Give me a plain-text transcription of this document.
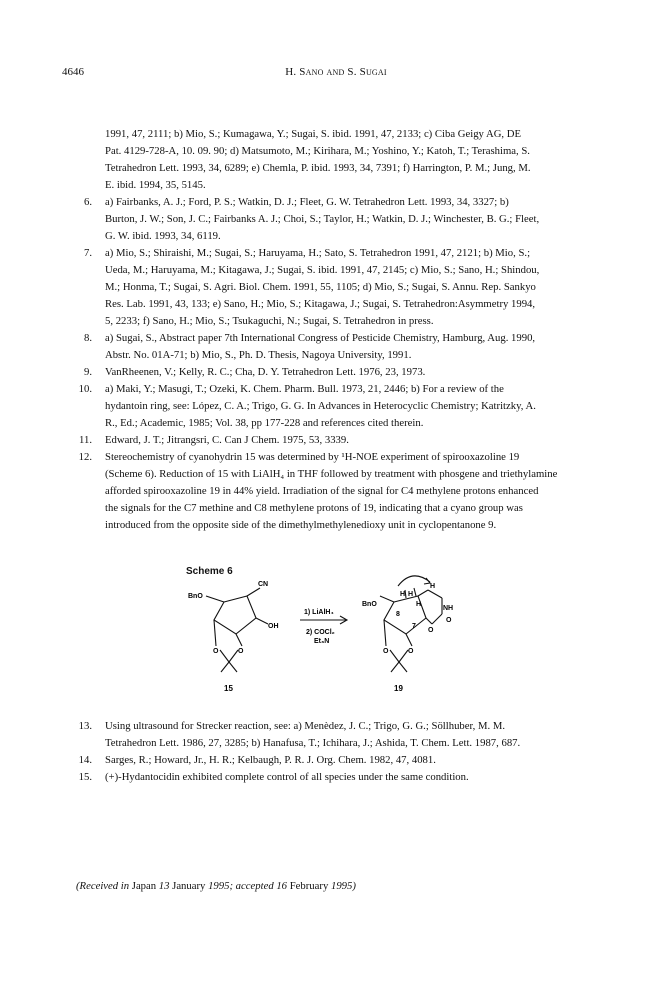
4646	H. Sano and S. Sugai
1991, 47, 2111; b) Mio, S.; Kumagawa, Y.; Sugai, S. ibid. 1991, 47, 2133; c) Ciba Geigy AG, DE
Pat. 4129-728-A, 10. 09. 90; d) Matsumoto, M.; Kirihara, M.; Yoshino, Y.; Katoh, T.; Terashima, S.
Tetrahedron Lett. 1993, 34, 6289; e) Chemla, P. ibid. 1993, 34, 7391; f) Harrington, P. M.; Jung, M.
E. ibid. 1994, 35, 5145.
6. a) Fairbanks, A. J.; Ford, P. S.; Watkin, D. J.; Fleet, G. W. Tetrahedron Lett. 1993, 34, 3327; b)
Burton, J. W.; Son, J. C.; Fairbanks A. J.; Choi, S.; Taylor, H.; Watkin, D. J.; Winchester, B. G.; Fleet,
G. W. ibid. 1993, 34, 6119.
7. a) Mio, S.; Shiraishi, M.; Sugai, S.; Haruyama, H.; Sato, S. Tetrahedron 1991, 47, 2121; b) Mio, S.;
Ueda, M.; Haruyama, M.; Kitagawa, J.; Sugai, S. ibid. 1991, 47, 2145; c) Mio, S.; Sano, H.; Shindou,
M.; Honma, T.; Sugai, S. Agri. Biol. Chem. 1991, 55, 1105; d) Mio, S.; Sugai, S. Annu. Rep. Sankyo
Res. Lab. 1991, 43, 133; e) Sano, H.; Mio, S.; Kitagawa, J.; Sugai, S. Tetrahedron:Asymmetry 1994,
5, 2233; f) Sano, H.; Mio, S.; Tsukaguchi, N.; Sugai, S. Tetrahedron in press.
8. a) Sugai, S., Abstract paper 7th International Congress of Pesticide Chemistry, Hamburg, Aug. 1990,
Abstr. No. 01A-71; b) Mio, S., Ph. D. Thesis, Nagoya University, 1991.
9. VanRheenen, V.; Kelly, R. C.; Cha, D. Y. Tetrahedron Lett. 1976, 23, 1973.
10. a) Maki, Y.; Masugi, T.; Ozeki, K. Chem. Pharm. Bull. 1973, 21, 2446; b) For a review of the
hydantoin ring, see: López, C. A.; Trigo, G. G. In Advances in Heterocyclic Chemistry; Katritzky, A.
R., Ed.; Academic, 1985; Vol. 38, pp 177-228 and references cited therein.
11. Edward, J. T.; Jitrangsri, C. Can J Chem. 1975, 53, 3339.
12. Stereochemistry of cyanohydrin 15 was determined by ¹H-NOE experiment of spirooxazoline 19
(Scheme 6). Reduction of 15 with LiAlH₄ in THF followed by treatment with phosgene and triethylamine
afforded spirooxazoline 19 in 44% yield. Irradiation of the signal for C4 methylene protons enhanced
the signals for the C7 methine and C8 methylene protons of 19, indicating that a cyano group was
introduced from the opposite side of the dimethylmethylenedioxy unit in cyclopentanone 9.
Scheme 6
BnO
CN
OH
O	O
15
1) LiAlH₄
2) COCl₂
Et₃N
BnO
H H
H
H
NH
8
7
O
O
O	O
19
13. Using ultrasound for Strecker reaction, see: a) Menèdez, J. C.; Trigo, G. G.; Söllhuber, M. M.
Tetrahedron Lett. 1986, 27, 3285; b) Hanafusa, T.; Ichihara, J.; Ashida, T. Chem. Lett. 1987, 687.
14. Sarges, R.; Howard, Jr., H. R.; Kelbaugh, P. R. J. Org. Chem. 1982, 47, 4081.
15. (+)-Hydantocidin exhibited complete control of all species under the same condition.
(Received in Japan 13 January 1995; accepted 16 February 1995)
